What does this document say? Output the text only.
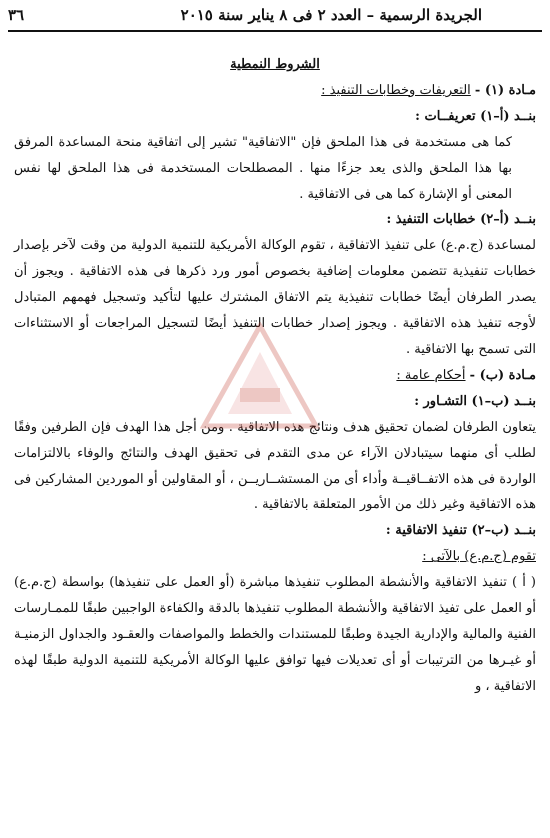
الجريدة الرسمية – العدد ٢ فى ٨ يناير سنة ٢٠١٥
٣٦

الشروط النمطية

مـادة (١) - التعريفات وخطابات التنفيذ :

بنــد (أ–١) تعريفــات :

كما هى مستخدمة فى هذا الملحق فإن "الاتفاقية" تشير إلى اتفاقية منحة المساعدة المرفق بها هذا الملحق والذى يعد جزءًا منها . المصطلحات المستخدمة فى هذا الملحق لها نفس المعنى أو الإشارة كما هى فى الاتفاقية .

بنــد (أ–٢) خطابات التنفيذ :

لمساعدة (ج.م.ع) على تنفيذ الاتفاقية ، تقوم الوكالة الأمريكية للتنمية الدولية من وقت لآخر بإصدار خطابات تنفيذية تتضمن معلومات إضافية بخصوص أمور ورد ذكرها فى هذه الاتفاقية . ويجوز أن يصدر الطرفان أيضًا خطابات تنفيذية يتم الاتفاق المشترك عليها لتأكيد وتسجيل فهمهم المتبادل لأوجه تنفيذ هذه الاتفاقية . ويجوز إصدار خطابات التنفيذ أيضًا لتسجيل المراجعات أو الاستثناءات التى تسمح بها الاتفاقية .

مـادة (ب) - أحكام عامة :

بنــد (ب–١) التشـاور :

يتعاون الطرفان لضمان تحقيق هدف ونتائج هذه الاتفاقية . ومن أجل هذا الهدف فإن الطرفين وفقًا لطلب أى منهما سيتبادلان الآراء عن مدى التقدم فى تحقيق الهدف والنتائج والوفاء بالالتزامات الواردة فى هذه الاتفــاقيــة وأداء أى من المستشــاريــن ، أو المقاولين أو الموردين المشاركين فى هذه الاتفاقية وغير ذلك من الأمور المتعلقة بالاتفاقية .

بنــد (ب–٢) تنفيذ الاتفاقية :

تقوم (ج.م.ع) بالآتى :

( أ ) تنفيذ الاتفاقية والأنشطة المطلوب تنفيذها مباشرة (أو العمل على تنفيذها) بواسطة (ج.م.ع) أو العمل على تفيذ الاتفاقية والأنشطة المطلوب تنفيذها بالدقة والكفاءة الواجبين طبقًا للممـارسات الفنية والمالية والإدارية الجيدة وطبقًا للمستندات والخطط والمواصفات والعقـود والجداول الزمنيـة أو غيـرها من الترتيبات أو أى تعديلات فيها توافق عليها الوكالة الأمريكية للتنمية الدولية طبقًا لهذه الاتفاقية ، و
